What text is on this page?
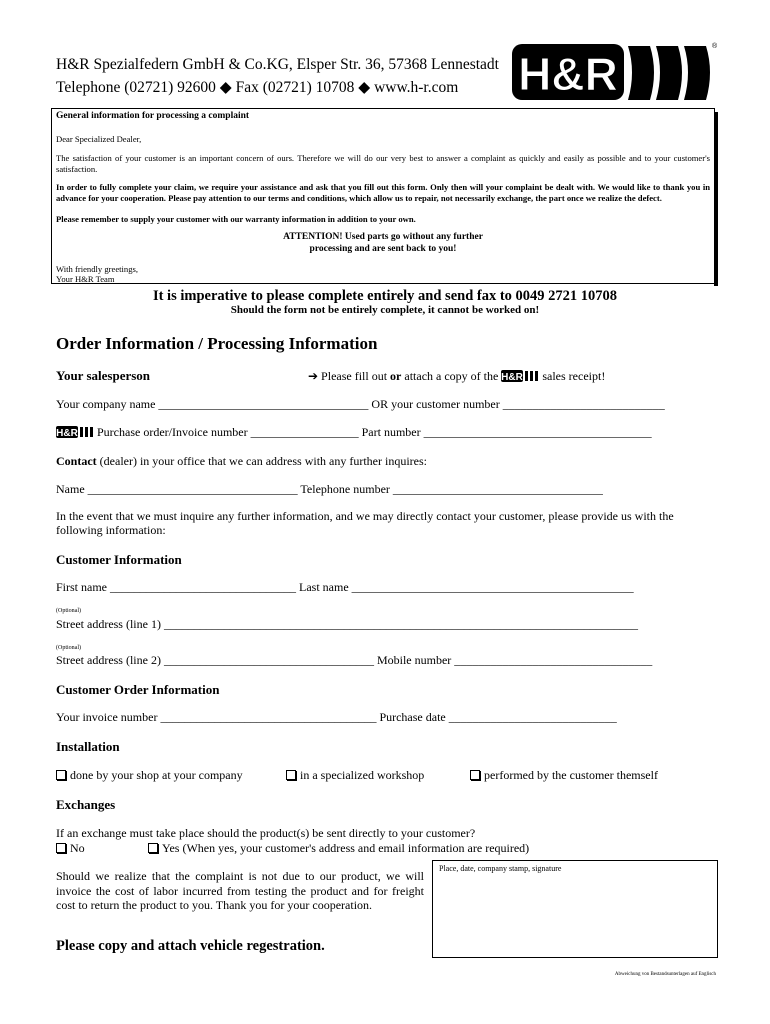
H&R Spezialfedern GmbH & Co.KG, Elsper Str. 36, 57368 Lennestadt
Telephone (02721) 92600 ◆ Fax (02721) 10708 ◆ www.h-r.com H&R
®
General information for processing a complaint
Dear Specialized Dealer,
The satisfaction of your customer is an important concern of ours. Therefore we will do our very best to answer a complaint as quickly and easily as possible and to your customer's satisfaction.
In order to fully complete your claim, we require your assistance and ask that you fill out this form. Only then will your complaint be dealt with. We would like to thank you in advance for your cooperation. Please pay attention to our terms and conditions, which allow us to repair, not necessarily exchange, the part once we realize the defect.
Please remember to supply your customer with our warranty information in addition to your own.
ATTENTION! Used parts go without any further
processing and are sent back to you!
With friendly greetings,
Your H&R Team
It is imperative to please complete entirely and send fax to 0049 2721 10708
Should the form not be entirely complete, it cannot be worked on!
Order Information / Processing Information
Your salesperson	➔ Please fill out or attach a copy of the H&R sales receipt!
Your company name ___________________________________ OR your customer number ___________________________
H&R Purchase order/Invoice number __________________ Part number ______________________________________
Contact (dealer) in your office that we can address with any further inquires:
Name ___________________________________ Telephone number ___________________________________
In the event that we must inquire any further information, and we may directly contact your customer, please provide us with the following information:
Customer Information
First name _______________________________ Last name _______________________________________________
(Optional)
Street address (line 1) _______________________________________________________________________________
(Optional)
Street address (line 2) ___________________________________ Mobile number _________________________________
Customer Order Information
Your invoice number ____________________________________ Purchase date ____________________________
Installation
done by your shop at your company	in a specialized workshop	performed by the customer themself
Exchanges
If an exchange must take place should the product(s) be sent directly to your customer?
No	Yes (When yes, your customer's address and email information are required)
Should we realize that the complaint is not due to our product, we will invoice the cost of labor incurred from testing the product and for freight cost to return the product to you. Thank you for your cooperation.
Please copy and attach vehicle regestration.
Place, date, company stamp, signature
Abweichung von Bestandsunterlagen auf Englisch
